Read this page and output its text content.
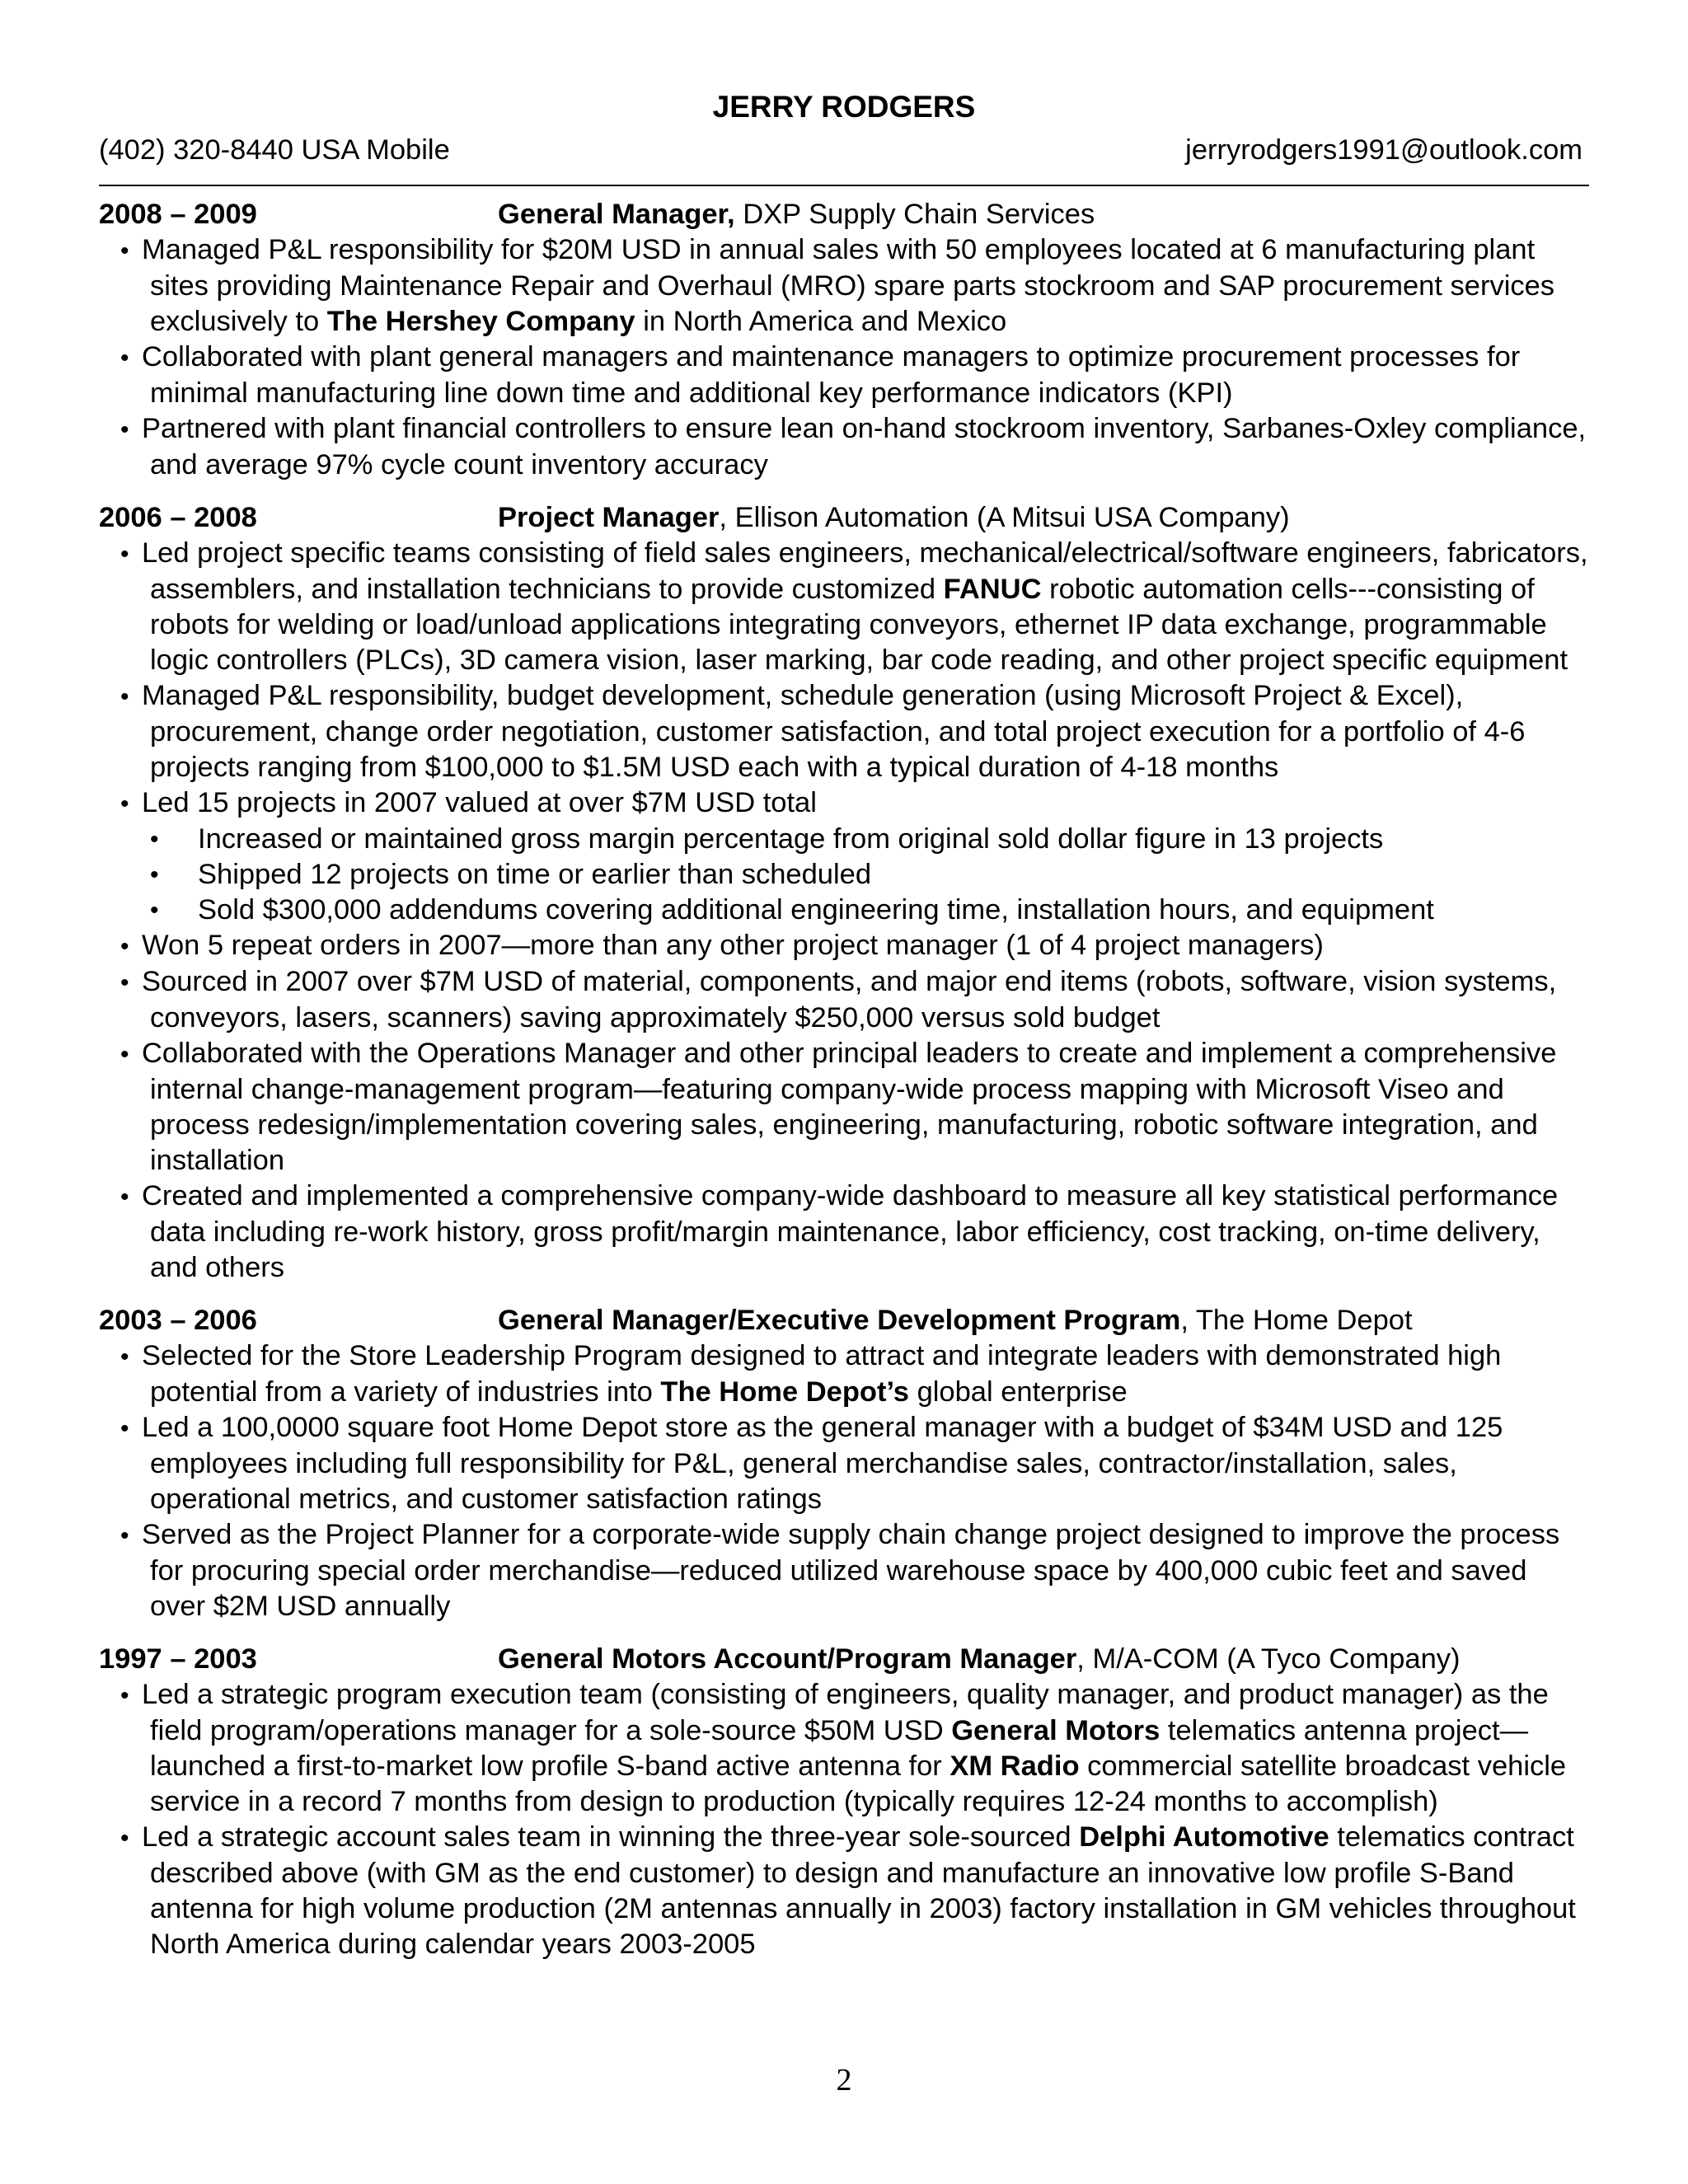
JERRY RODGERS
(402) 320-8440 USA Mobile	jerryrodgers1991@outlook.com
2008 – 2009	General Manager, DXP Supply Chain Services
• Managed P&L responsibility for $20M USD in annual sales with 50 employees located at 6 manufacturing plant sites providing Maintenance Repair and Overhaul (MRO) spare parts stockroom and SAP procurement services exclusively to The Hershey Company in North America and Mexico
• Collaborated with plant general managers and maintenance managers to optimize procurement processes for minimal manufacturing line down time and additional key performance indicators (KPI)
• Partnered with plant financial controllers to ensure lean on-hand stockroom inventory, Sarbanes-Oxley compliance, and average 97% cycle count inventory accuracy
2006 – 2008	Project Manager, Ellison Automation (A Mitsui USA Company)
• Led project specific teams consisting of field sales engineers, mechanical/electrical/software engineers, fabricators, assemblers, and installation technicians to provide customized FANUC robotic automation cells---consisting of robots for welding or load/unload applications integrating conveyors, ethernet IP data exchange, programmable logic controllers (PLCs), 3D camera vision, laser marking, bar code reading, and other project specific equipment
• Managed P&L responsibility, budget development, schedule generation (using Microsoft Project & Excel), procurement, change order negotiation, customer satisfaction, and total project execution for a portfolio of 4-6 projects ranging from $100,000 to $1.5M USD each with a typical duration of 4-18 months
• Led 15 projects in 2007 valued at over $7M USD total
• Increased or maintained gross margin percentage from original sold dollar figure in 13 projects
• Shipped 12 projects on time or earlier than scheduled
• Sold $300,000 addendums covering additional engineering time, installation hours, and equipment
• Won 5 repeat orders in 2007—more than any other project manager (1 of 4 project managers)
• Sourced in 2007 over $7M USD of material, components, and major end items (robots, software, vision systems, conveyors, lasers, scanners) saving approximately $250,000 versus sold budget
• Collaborated with the Operations Manager and other principal leaders to create and implement a comprehensive internal change-management program—featuring company-wide process mapping with Microsoft Viseo and process redesign/implementation covering sales, engineering, manufacturing, robotic software integration, and installation
• Created and implemented a comprehensive company-wide dashboard to measure all key statistical performance data including re-work history, gross profit/margin maintenance, labor efficiency, cost tracking, on-time delivery, and others
2003 – 2006	General Manager/Executive Development Program, The Home Depot
• Selected for the Store Leadership Program designed to attract and integrate leaders with demonstrated high potential from a variety of industries into The Home Depot’s global enterprise
• Led a 100,0000 square foot Home Depot store as the general manager with a budget of $34M USD and 125 employees including full responsibility for P&L, general merchandise sales, contractor/installation, sales, operational metrics, and customer satisfaction ratings
• Served as the Project Planner for a corporate-wide supply chain change project designed to improve the process for procuring special order merchandise—reduced utilized warehouse space by 400,000 cubic feet and saved over $2M USD annually
1997 – 2003	General Motors Account/Program Manager, M/A-COM (A Tyco Company)
• Led a strategic program execution team (consisting of engineers, quality manager, and product manager) as the field program/operations manager for a sole-source $50M USD General Motors telematics antenna project—launched a first-to-market low profile S-band active antenna for XM Radio commercial satellite broadcast vehicle service in a record 7 months from design to production (typically requires 12-24 months to accomplish)
• Led a strategic account sales team in winning the three-year sole-sourced Delphi Automotive telematics contract described above (with GM as the end customer) to design and manufacture an innovative low profile S-Band antenna for high volume production (2M antennas annually in 2003) factory installation in GM vehicles throughout North America during calendar years 2003-2005
2
